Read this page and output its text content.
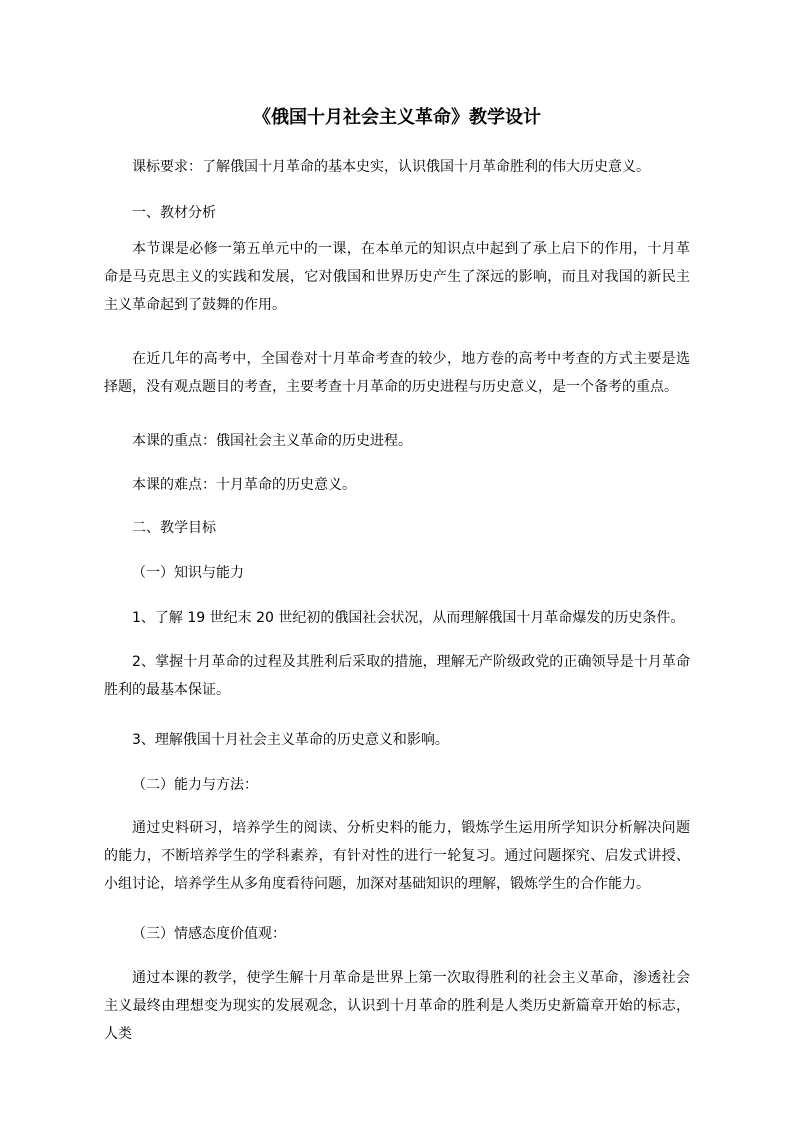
《俄国十月社会主义革命》教学设计

课标要求：了解俄国十月革命的基本史实，认识俄国十月革命胜利的伟大历史意义。

一、教材分析

本节课是必修一第五单元中的一课，在本单元的知识点中起到了承上启下的作用，十月革命是马克思主义的实践和发展，它对俄国和世界历史产生了深远的影响，而且对我国的新民主主义革命起到了鼓舞的作用。

在近几年的高考中，全国卷对十月革命考查的较少，地方卷的高考中考查的方式主要是选择题，没有观点题目的考查，主要考查十月革命的历史进程与历史意义，是一个备考的重点。

本课的重点：俄国社会主义革命的历史进程。

本课的难点：十月革命的历史意义。

二、教学目标

（一）知识与能力

1、了解 19 世纪末 20 世纪初的俄国社会状况，从而理解俄国十月革命爆发的历史条件。

2、掌握十月革命的过程及其胜利后采取的措施，理解无产阶级政党的正确领导是十月革命胜利的最基本保证。

3、理解俄国十月社会主义革命的历史意义和影响。

（二）能力与方法：

通过史料研习，培养学生的阅读、分析史料的能力，锻炼学生运用所学知识分析解决问题的能力，不断培养学生的学科素养，有针对性的进行一轮复习。通过问题探究、启发式讲授、小组讨论，培养学生从多角度看待问题，加深对基础知识的理解，锻炼学生的合作能力。

（三）情感态度价值观：

通过本课的教学，使学生解十月革命是世界上第一次取得胜利的社会主义革命，渗透社会主义最终由理想变为现实的发展观念，认识到十月革命的胜利是人类历史新篇章开始的标志，人类
